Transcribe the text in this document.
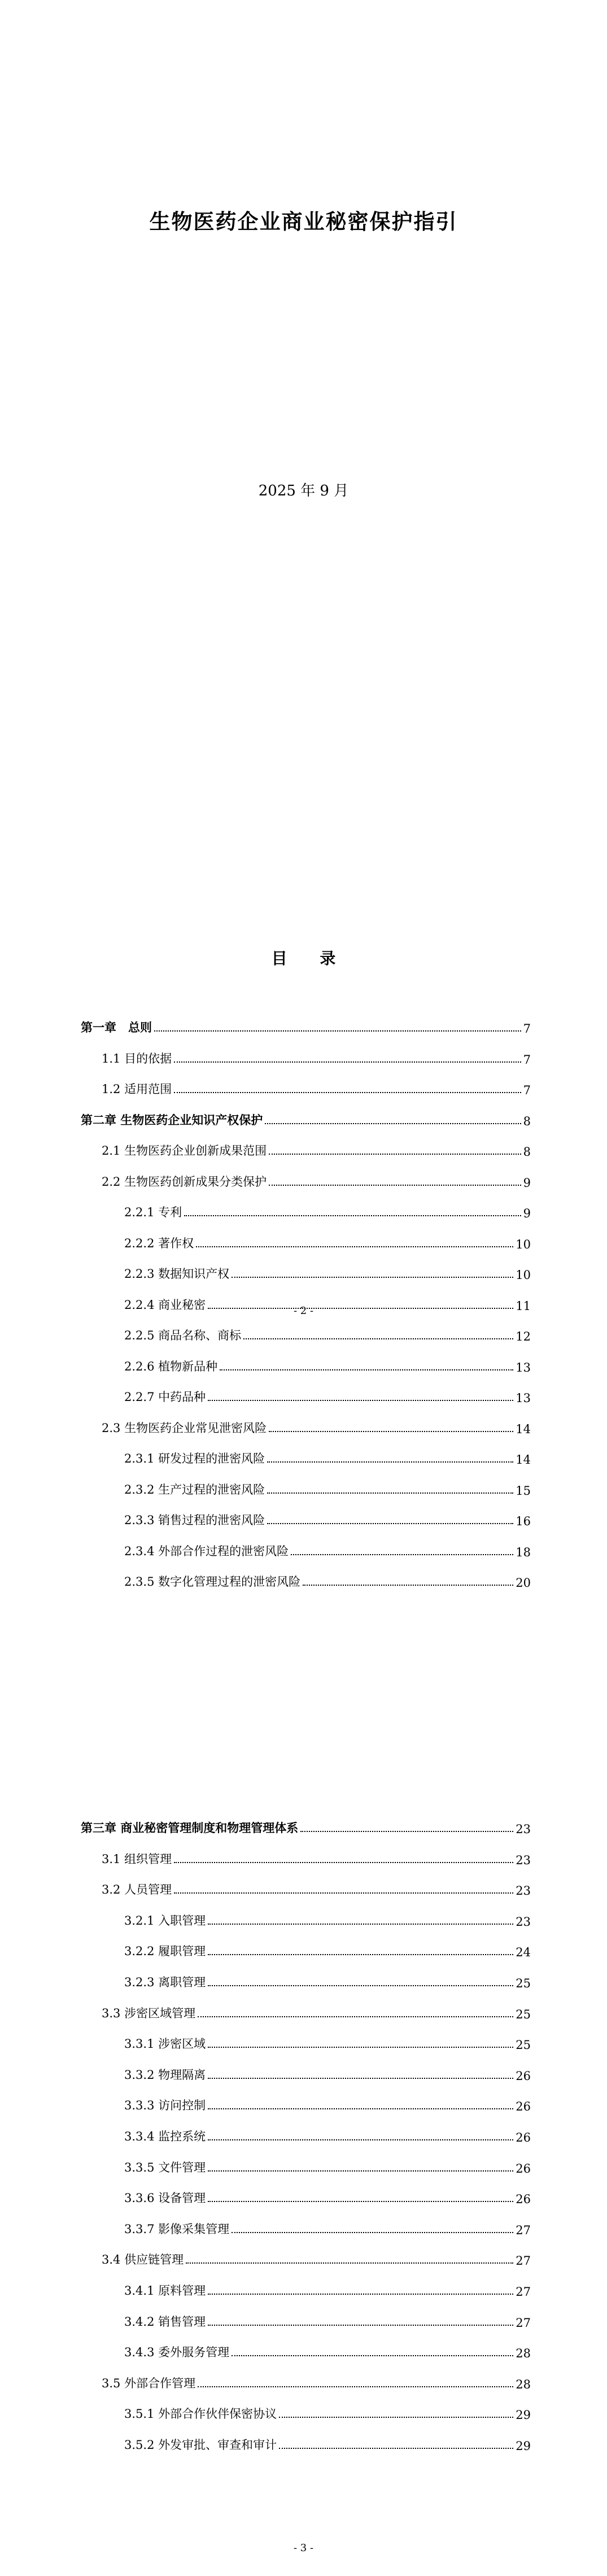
生物医药企业商业秘密保护指引
2025 年 9 月
目 录
第一章　总则	7
1.1 目的依据	7
1.2 适用范围	7
第二章 生物医药企业知识产权保护	8
2.1 生物医药企业创新成果范围	8
2.2 生物医药创新成果分类保护	9
2.2.1 专利	9
2.2.2 著作权	10
2.2.3 数据知识产权	10
2.2.4 商业秘密	11
2.2.5 商品名称、商标	12
2.2.6 植物新品种	13
2.2.7 中药品种	13
2.3 生物医药企业常见泄密风险	14
2.3.1 研发过程的泄密风险	14
2.3.2 生产过程的泄密风险	15
2.3.3 销售过程的泄密风险	16
2.3.4 外部合作过程的泄密风险	18
2.3.5 数字化管理过程的泄密风险	20
- 2 -
第三章 商业秘密管理制度和物理管理体系	23
3.1 组织管理	23
3.2 人员管理	23
3.2.1 入职管理	23
3.2.2 履职管理	24
3.2.3 离职管理	25
3.3 涉密区域管理	25
3.3.1 涉密区域	25
3.3.2 物理隔离	26
3.3.3 访问控制	26
3.3.4 监控系统	26
3.3.5 文件管理	26
3.3.6 设备管理	26
3.3.7 影像采集管理	27
3.4 供应链管理	27
3.4.1 原料管理	27
3.4.2 销售管理	27
3.4.3 委外服务管理	28
3.5 外部合作管理	28
3.5.1 外部合作伙伴保密协议	29
3.5.2 外发审批、审查和审计	29
- 3 -
